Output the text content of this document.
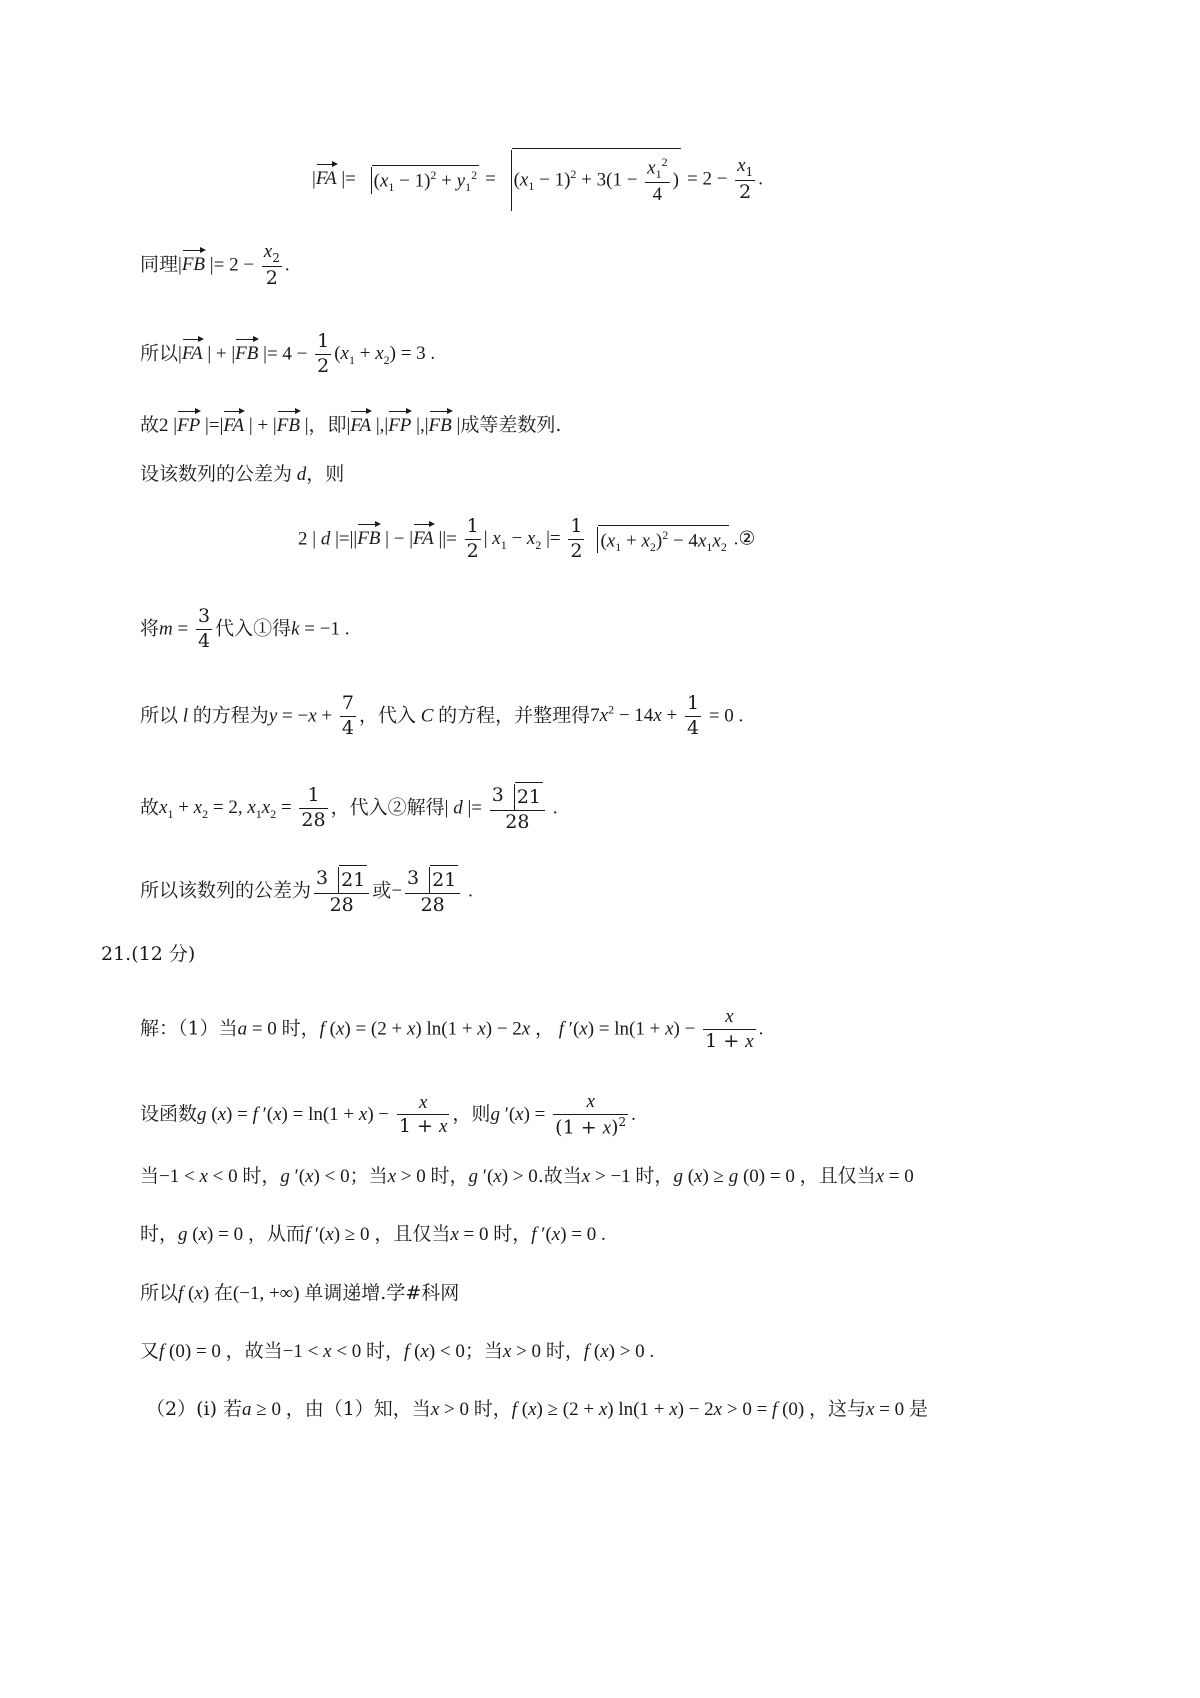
|FA |= $(x_1 - 1)^2 + y_1^2 = (x_1 - 1)^2 + 3(1 - \frac{x_1^2}{4}$ ) = $2 - \frac{x_1}{2}$ .
同理|FB |= $2 - \frac{x_2}{2}$ .
所以|FA | + |FB |= $4 - \frac{1}{2} (x_1 + x_2) = 3$ .
故2 |FP |=|FA | + |FB |，即|FA |,|FP |,|FB |成等差数列.
设该数列的公差为 d，则
2 | d |=||FB | − |FA ||= $\frac{1}{2}$ | $x_1 - x_2$ |= $\frac{1}{2} (x_1 + x_2)^2 - 4x_1x_2$ .②
将$m = \frac{3}{4}$ 代入①得k = −1 .
所以 l 的方程为$y = -x + \frac{7}{4}$ ，代入 C 的方程，并整理得$7x^2 - 14x + \frac{1}{4} = 0$ .
故$x_1 + x_2 = 2$, $x_1x_2 = \frac{1}{28}$ ，代入②解得| d |= $\frac{3 21}{28}$ .
所以该数列的公差为 $\frac{3 21}{28}$ 或− $\frac{3 21}{28}$ .
21.(12 分)
解：（1）当a = 0 时，f (x) = (2 + x) ln(1 + x) − 2x ， f $'(x) = \ln(1 + x) - \frac{x}{1 + x}$ .
设函数g (x) = f $'(x) = \ln(1 + x) - \frac{x}{1 + x}$ ，则g $'(x) = \frac{x}{(1 + x)^2}$ .
当−1 < x < 0 时，g ′(x) < 0；当x > 0 时，g ′(x) > 0.故当x > −1 时，g (x) ≥ g (0) = 0 ，且仅当x = 0
时，g (x) = 0 ，从而f ′(x) ≥ 0 ，且仅当x = 0 时，f ′(x) = 0 .
所以f (x) 在(−1, +∞) 单调递增.学#科网
又f (0) = 0 ，故当−1 < x < 0 时，f (x) < 0；当x > 0 时，f (x) > 0 .
（2）(ⅰ) 若a ≥ 0 ，由（1）知，当x > 0 时，f (x) ≥ (2 + x) ln(1 + x) − 2x > 0 = f (0) ，这与x = 0 是
